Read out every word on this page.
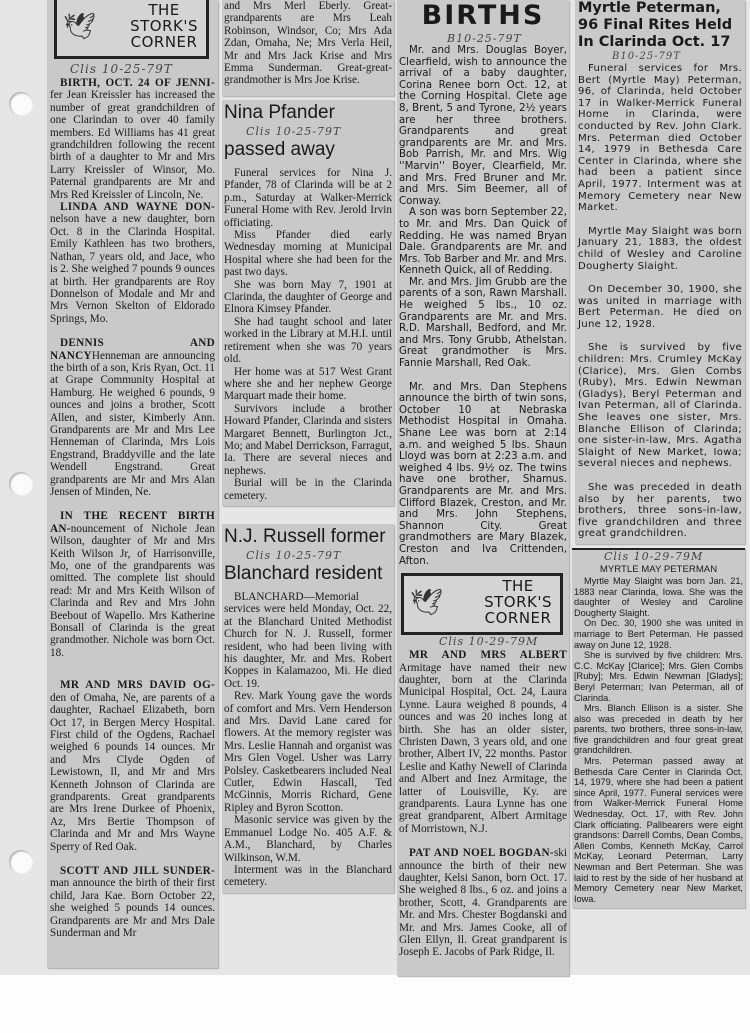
🕊
THE
STORK'S
CORNER
Clis 10-25-79T

BIRTH, OCT. 24 OF JENNI-fer Jean Kreissler has increased the number of great grandchildren of one Clarindan to over 40 family members. Ed Williams has 41 great grandchildren following the recent birth of a daughter to Mr and Mrs Larry Kreissler of Winsor, Mo. Paternal grandparents are Mr and Mrs Red Kreissler of Lincoln, Ne.

LINDA AND WAYNE DON-nelson have a new daughter, born Oct. 8 in the Clarinda Hospital. Emily Kathleen has two brothers, Nathan, 7 years old, and Jace, who is 2. She weighed 7 pounds 9 ounces at birth. Her grandparents are Roy Donnelson of Modale and Mr and Mrs Vernon Skelton of Eldorado Springs, Mo.

DENNIS AND NANCYHenneman are announcing the birth of a son, Kris Ryan, Oct. 11 at Grape Community Hospital at Hamburg. He weighed 6 pounds, 9 ounces and joins a brother, Scott Allen, and sister, Kimberly Ann. Grandparents are Mr and Mrs Lee Henneman of Clarinda, Mrs Lois Engstrand, Braddyville and the late Wendell Engstrand. Great grandparents are Mr and Mrs Alan Jensen of Minden, Ne.

IN THE RECENT BIRTH AN-nouncement of Nichole Jean Wilson, daughter of Mr and Mrs Keith Wilson Jr, of Harrisonville, Mo, one of the grandparents was omitted. The complete list should read: Mr and Mrs Keith Wilson of Clarinda and Rev and Mrs John Beebout of Wapello. Mrs Katherine Bonsall of Clarinda is the great grandmother. Nichole was born Oct. 18.

MR AND MRS DAVID OG-den of Omaha, Ne, are parents of a daughter, Rachael Elizabeth, born Oct 17, in Bergen Mercy Hospital. First child of the Ogdens, Rachael weighed 6 pounds 14 ounces. Mr and Mrs Clyde Ogden of Lewistown, Il, and Mr and Mrs Kenneth Johnson of Clarinda are grandparents. Great grandparents are Mrs Irene Durkee of Phoenix, Az, Mrs Bertie Thompson of Clarinda and Mr and Mrs Wayne Sperry of Red Oak.

SCOTT AND JILL SUNDER-man announce the birth of their first child, Jara Kae. Born October 22, she weighed 5 pounds 14 ounces. Grandparents are Mr and Mrs Dale Sunderman and Mr

and Mrs Merl Eberly. Great-grandparents are Mrs Leah Robinson, Windsor, Co; Mrs Ada Zdan, Omaha, Ne; Mrs Verla Heil, Mr and Mrs Jack Krise and Mrs Emma Sunderman. Great-great-grandmother is Mrs Joe Krise.
Nina Pfander
Clis 10-25-79T
passed away

Funeral services for Nina J. Pfander, 78 of Clarinda will be at 2 p.m., Saturday at Walker-Merrick Funeral Home with Rev. Jerold Irvin officiating.

Miss Pfander died early Wednesday morning at Municipal Hospital where she had been for the past two days.

She was born May 7, 1901 at Clarinda, the daughter of George and Elnora Kimsey Pfander.

She had taught school and later worked in the Library at M.H.I. until retirement when she was 70 years old.

Her home was at 517 West Grant where she and her nephew George Marquart made their home.

Survivors include a brother Howard Pfander, Clarinda and sisters Margaret Bennett, Burlington Jct., Mo; and Mabel Derrickson, Farragut, Ia. There are several nieces and nephews.

Burial will be in the Clarinda cemetery.

N.J. Russell former
Clis 10-25-79T
Blanchard resident

BLANCHARD—Memorial services were held Monday, Oct. 22, at the Blanchard United Methodist Church for N. J. Russell, former resident, who had been living with his daughter, Mr. and Mrs. Robert Koppes in Kalamazoo, Mi. He died Oct. 19.

Rev. Mark Young gave the words of comfort and Mrs. Vern Henderson and Mrs. David Lane cared for flowers. At the memory register was Mrs. Leslie Hannah and organist was Mrs Glen Vogel. Usher was Larry Polsley. Casketbearers included Neal Cutler, Edwin Hascall, Ted McGinnis, Morris Richard, Gene Ripley and Byron Scotton.

Masonic service was given by the Emmanuel Lodge No. 405 A.F. & A.M., Blanchard, by Charles Wilkinson, W.M.

Interment was in the Blanchard cemetery.

BIRTHS
B10-25-79T

Mr. and Mrs. Douglas Boyer, Clearfield, wish to announce the arrival of a baby daughter, Corina Renee born Oct. 12, at the Corning Hospital. Clete age 8, Brent, 5 and Tyrone, 2½ years are her three brothers. Grandparents and great grandparents are Mr. and Mrs. Bob Parrish, Mr. and Mrs. Wig ''Marvin'' Boyer, Clearfield, Mr. and Mrs. Fred Bruner and Mr. and Mrs. Sim Beemer, all of Conway.

A son was born September 22, to Mr. and Mrs. Dan Quick of Redding. He was named Bryan Dale. Grandparents are Mr. and Mrs. Tob Barber and Mr. and Mrs. Kenneth Quick, all of Redding.

Mr. and Mrs. Jim Grubb are the parents of a son, Rawn Marshall. He weighed 5 lbs., 10 oz. Grandparents are Mr. and Mrs. R.D. Marshall, Bedford, and Mr. and Mrs. Tony Grubb, Athelstan. Great grandmother is Mrs. Fannie Marshall, Red Oak.

Mr. and Mrs. Dan Stephens announce the birth of twin sons, October 10 at Nebraska Methodist Hospital in Omaha. Shane Lee was born at 2:14 a.m. and weighed 5 lbs. Shaun Lloyd was born at 2:23 a.m. and weighed 4 lbs. 9½ oz. The twins have one brother, Shamus. Grandparents are Mr. and Mrs. Clifford Blazek, Creston, and Mr. and Mrs. John Stephens, Shannon City. Great grandmothers are Mary Blazek, Creston and Iva Crittenden, Afton.

🕊
THE
STORK'S
CORNER
Clis 10-29-79M

MR AND MRS ALBERT Armitage have named their new daughter, born at the Clarinda Municipal Hospital, Oct. 24, Laura Lynne. Laura weighed 8 pounds, 4 ounces and was 20 inches long at birth. She has an older sister, Christen Dawn, 3 years old, and one brother, Albert IV, 22 months. Pastor Leslie and Kathy Newell of Clarinda and Albert and Inez Armitage, the latter of Louisville, Ky. are grandparents. Laura Lynne has one great grandparent, Albert Armitage of Morristown, N.J.

PAT AND NOEL BOGDAN-ski announce the birth of their new daughter, Kelsi Sanon, born Oct. 17. She weighed 8 lbs., 6 oz. and joins a brother, Scott, 4. Grandparents are Mr. and Mrs. Chester Bogdanski and Mr. and Mrs. James Cooke, all of Glen Ellyn, Il. Great grandparent is Joseph E. Jacobs of Park Ridge, Il.

Myrtle Peterman, 96 Final Rites Held In Clarinda Oct. 17
B10-25-79T

Funeral services for Mrs. Bert (Myrtle May) Peterman, 96, of Clarinda, held October 17 in Walker-Merrick Funeral Home in Clarinda, were conducted by Rev. John Clark. Mrs. Peterman died October 14, 1979 in Bethesda Care Center in Clarinda, where she had been a patient since April, 1977. Interment was at Memory Cemetery near New Market.

Myrtle May Slaight was born January 21, 1883, the oldest child of Wesley and Caroline Dougherty Slaight.

On December 30, 1900, she was united in marriage with Bert Peterman. He died on June 12, 1928.

She is survived by five children: Mrs. Crumley McKay (Clarice), Mrs. Glen Combs (Ruby), Mrs. Edwin Newman (Gladys), Beryl Peterman and Ivan Peterman, all of Clarinda. She leaves one sister, Mrs. Blanche Ellison of Clarinda; one sister-in-law, Mrs. Agatha Slaight of New Market, Iowa; several nieces and nephews.

She was preceded in death also by her parents, two brothers, three sons-in-law, five grandchildren and three great grandchildren.

Clis 10-29-79M
MYRTLE MAY PETERMAN

Myrtle May Slaight was born Jan. 21, 1883 near Clarinda, Iowa. She was the daughter of Wesley and Caroline Dougherty Slaight.

On Dec. 30, 1900 she was united in marriage to Bert Peterman. He passed away on June 12, 1928.

She is survived by five children: Mrs. C.C. McKay [Clarice]; Mrs. Glen Combs [Ruby]; Mrs. Edwin Newman [Gladys]; Beryl Peterman; Ivan Peterman, all of Clarinda.

Mrs. Blanch Ellison is a sister. She also was preceded in death by her parents, two brothers, three sons-in-law, five grandchildren and four great great grandchildren.

Mrs. Peterman passed away at Bethesda Care Center in Clarinda Oct. 14, 1979, where she had been a patient since April, 1977. Funeral services were from Walker-Merrick Funeral Home Wednesday, Oct. 17, with Rev. John Clark officiating. Pallbearers were eight grandsons: Darrell Combs, Dean Combs, Allen Combs, Kenneth McKay, Carrol McKay, Leonard Peterman, Larry Newman and Bert Peterman. She was laid to rest by the side of her husband at Memory Cemetery near New Market, Iowa.
